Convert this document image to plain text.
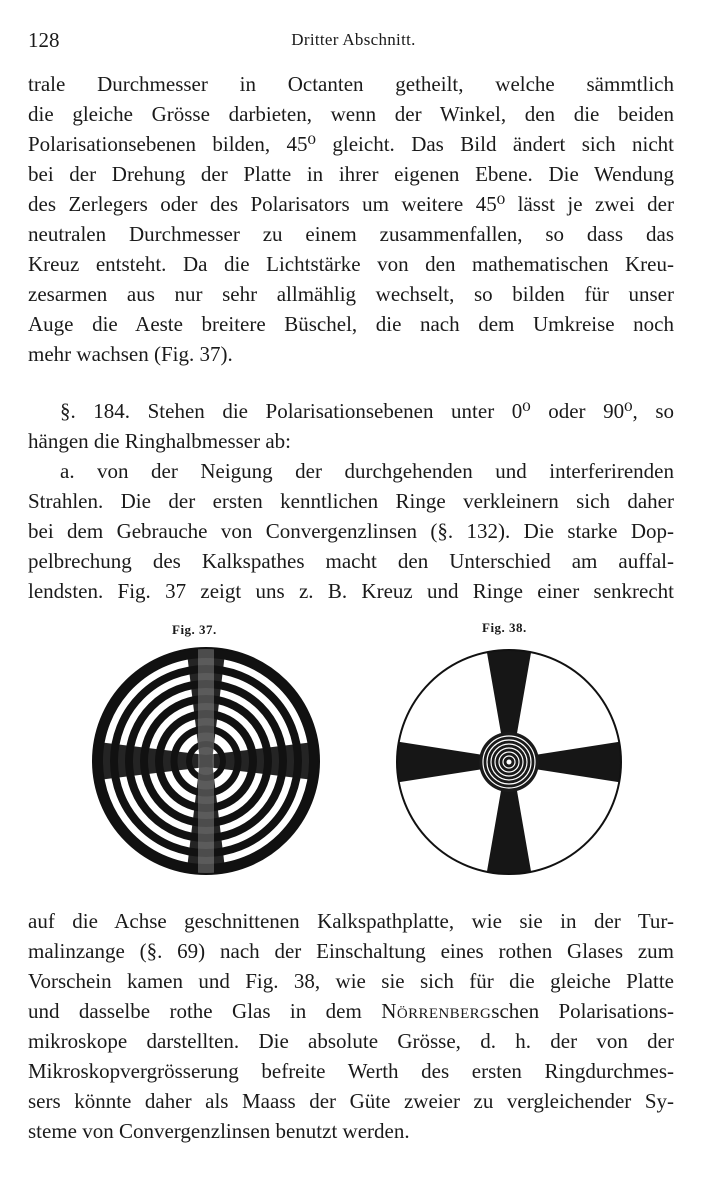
128	Dritter Abschnitt.
trale Durchmesser in Octanten getheilt, welche sämmtlich
die gleiche Grösse darbieten, wenn der Winkel, den die beiden
Polarisationsebenen bilden, 45⁰ gleicht. Das Bild ändert sich nicht
bei der Drehung der Platte in ihrer eigenen Ebene. Die Wendung
des Zerlegers oder des Polarisators um weitere 45⁰ lässt je zwei der
neutralen Durchmesser zu einem zusammenfallen, so dass das
Kreuz entsteht. Da die Lichtstärke von den mathematischen Kreu-
zesarmen aus nur sehr allmählig wechselt, so bilden für unser
Auge die Aeste breitere Büschel, die nach dem Umkreise noch
mehr wachsen (Fig. 37).
§. 184. Stehen die Polarisationsebenen unter 0⁰ oder 90⁰, so
hängen die Ringhalbmesser ab:
a. von der Neigung der durchgehenden und interferirenden
Strahlen. Die der ersten kenntlichen Ringe verkleinern sich daher
bei dem Gebrauche von Convergenzlinsen (§. 132). Die starke Dop-
pelbrechung des Kalkspathes macht den Unterschied am auffal-
lendsten. Fig. 37 zeigt uns z. B. Kreuz und Ringe einer senkrecht
Fig. 37.	Fig. 38.
auf die Achse geschnittenen Kalkspathplatte, wie sie in der Tur-
malinzange (§. 69) nach der Einschaltung eines rothen Glases zum
Vorschein kamen und Fig. 38, wie sie sich für die gleiche Platte
und dasselbe rothe Glas in dem Nörrenbergschen Polarisations-
mikroskope darstellten. Die absolute Grösse, d. h. der von der
Mikroskopvergrösserung befreite Werth des ersten Ringdurchmes-
sers könnte daher als Maass der Güte zweier zu vergleichender Sy-
steme von Convergenzlinsen benutzt werden.
